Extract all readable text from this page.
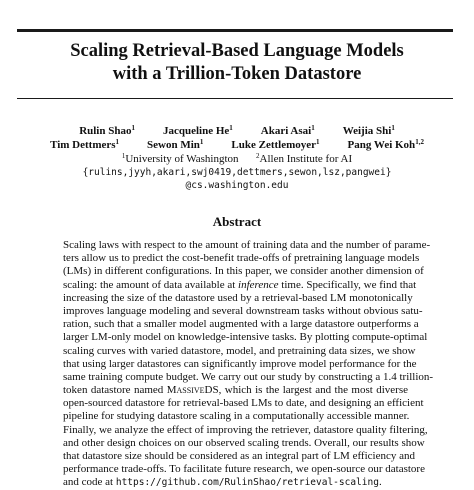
Scaling Retrieval-Based Language Models
with a Trillion-Token Datastore
Rulin Shao$^1$	Jacqueline He$^1$	Akari Asai$^1$	Weijia Shi$^1$
Tim Dettmers$^1$	Sewon Min$^1$	Luke Zettlemoyer$^1$	Pang Wei Koh$^{1,2}$
$^1$University of Washington	$^2$Allen Institute for AI
{rulins,jyyh,akari,swj0419,dettmers,sewon,lsz,pangwei}
@cs.washington.edu
Abstract
Scaling laws with respect to the amount of training data and the number of parame-
ters allow us to predict the cost-benefit trade-offs of pretraining language models
(LMs) in different configurations. In this paper, we consider another dimension of
scaling: the amount of data available at inference time. Specifically, we find that
increasing the size of the datastore used by a retrieval-based LM monotonically
improves language modeling and several downstream tasks without obvious satu-
ration, such that a smaller model augmented with a large datastore outperforms a
larger LM-only model on knowledge-intensive tasks. By plotting compute-optimal
scaling curves with varied datastore, model, and pretraining data sizes, we show
that using larger datastores can significantly improve model performance for the
same training compute budget. We carry out our study by constructing a 1.4 trillion-
token datastore named MassiveDS, which is the largest and the most diverse
open-sourced datastore for retrieval-based LMs to date, and designing an efficient
pipeline for studying datastore scaling in a computationally accessible manner.
Finally, we analyze the effect of improving the retriever, datastore quality filtering,
and other design choices on our observed scaling trends. Overall, our results show
that datastore size should be considered as an integral part of LM efficiency and
performance trade-offs. To facilitate future research, we open-source our datastore
and code at https://github.com/RulinShao/retrieval-scaling.
